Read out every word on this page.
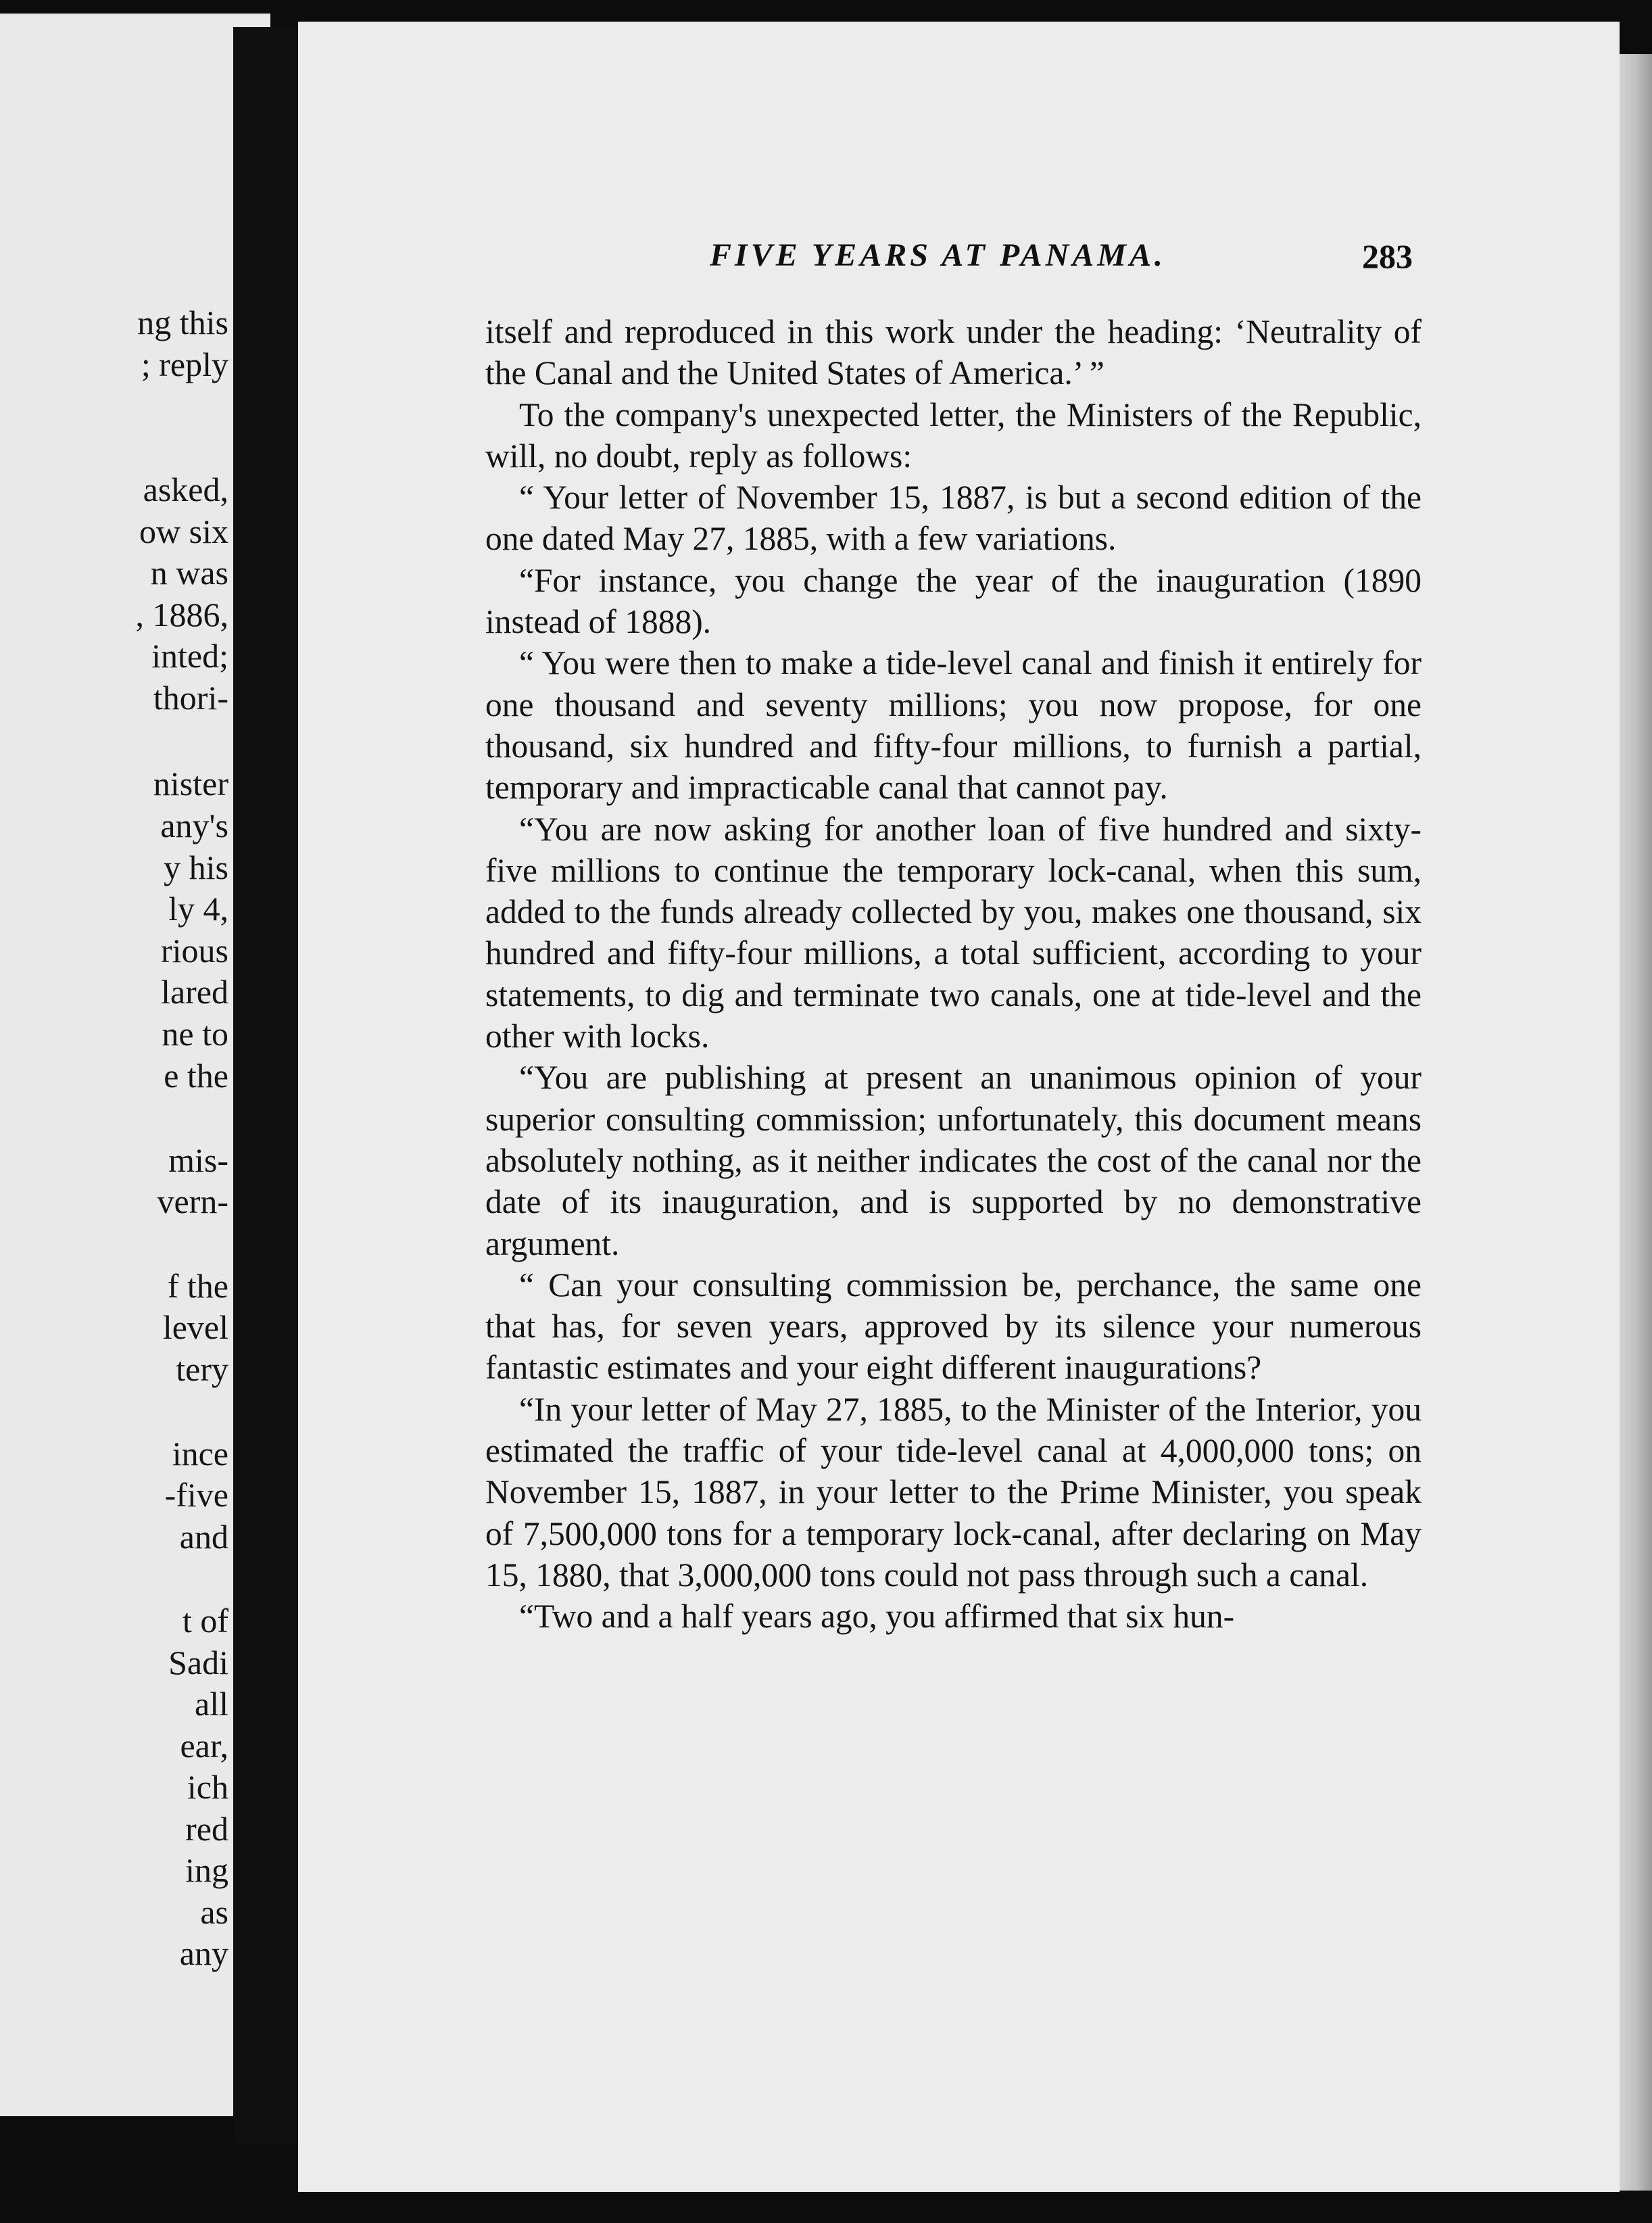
ng this
; reply
asked,
ow six
n was
, 1886,
inted;
thori-
nister
any's
y his
ly 4,
rious
lared
ne to
e the
mis-
vern-
f the
level
tery
ince
-five
and
t of
Sadi
all
ear,
ich
red
ing
as
any
FIVE YEARS AT PANAMA.	283

itself and reproduced in this work under the heading: ‘Neutrality of the Canal and the United States of America.’ ”

To the company's unexpected letter, the Ministers of the Republic, will, no doubt, reply as follows:

“ Your letter of November 15, 1887, is but a second edition of the one dated May 27, 1885, with a few variations.

“For instance, you change the year of the inauguration (1890 instead of 1888).

“ You were then to make a tide-level canal and finish it entirely for one thousand and seventy millions; you now propose, for one thousand, six hundred and fifty-four millions, to furnish a partial, temporary and impracticable canal that cannot pay.

“You are now asking for another loan of five hundred and sixty-five millions to continue the temporary lock-canal, when this sum, added to the funds already collected by you, makes one thousand, six hundred and fifty-four millions, a total sufficient, according to your statements, to dig and terminate two canals, one at tide-level and the other with locks.

“You are publishing at present an unanimous opinion of your superior consulting commission; unfortunately, this document means absolutely nothing, as it neither indicates the cost of the canal nor the date of its inauguration, and is supported by no demonstrative argument.

“ Can your consulting commission be, perchance, the same one that has, for seven years, approved by its silence your numerous fantastic estimates and your eight different inaugurations?

“In your letter of May 27, 1885, to the Minister of the Interior, you estimated the traffic of your tide-level canal at 4,000,000 tons; on November 15, 1887, in your letter to the Prime Minister, you speak of 7,500,000 tons for a temporary lock-canal, after declaring on May 15, 1880, that 3,000,000 tons could not pass through such a canal.

“Two and a half years ago, you affirmed that six hun-
